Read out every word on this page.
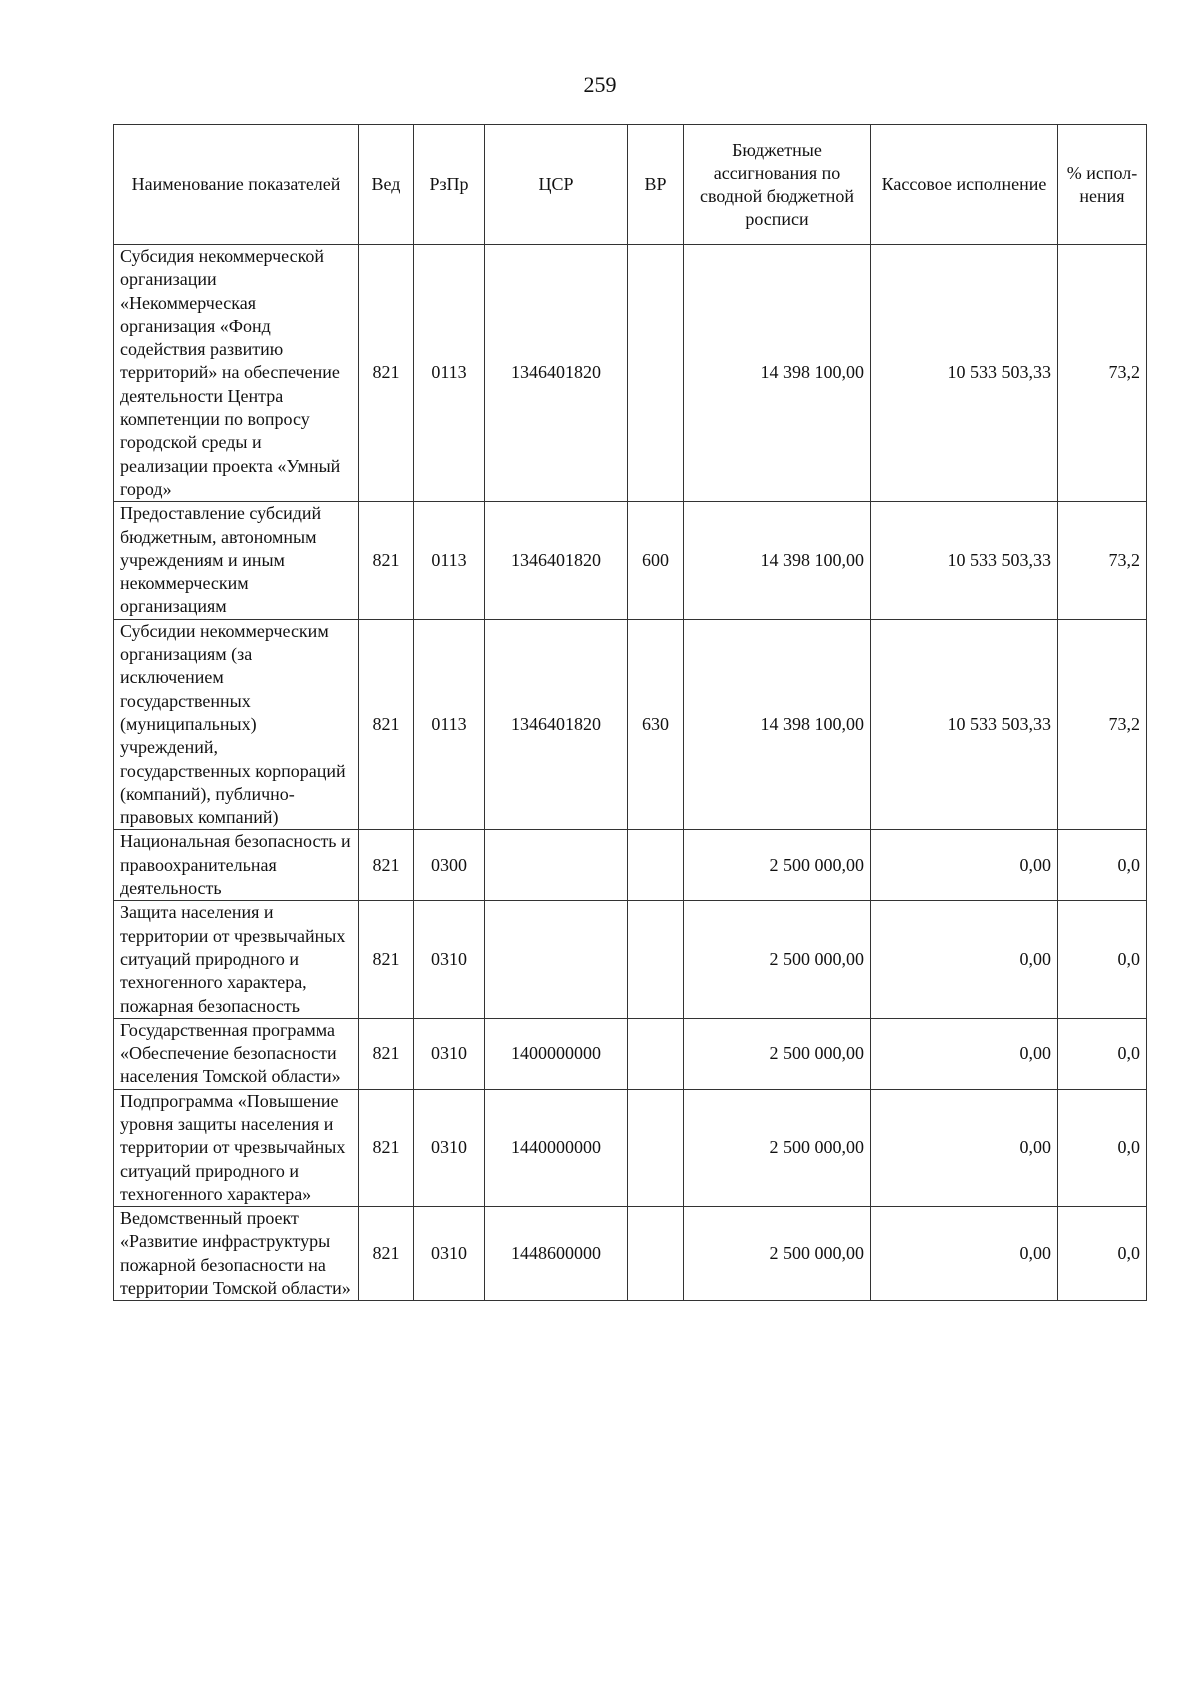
259
Наименование показателей	Вед	РзПр	ЦСР	ВР	Бюджетные ассигнования по сводной бюджетной росписи	Кассовое исполнение	% испол-нения
Субсидия некоммерческой организации «Некоммерческая организация «Фонд содействия развитию территорий» на обеспечение деятельности Центра компетенции по вопросу городской среды и реализации проекта «Умный город»	821	0113	1346401820		14 398 100,00	10 533 503,33	73,2
Предоставление субсидий бюджетным, автономным учреждениям и иным некоммерческим организациям	821	0113	1346401820	600	14 398 100,00	10 533 503,33	73,2
Субсидии некоммерческим организациям (за исключением государственных (муниципальных) учреждений, государственных корпораций (компаний), публично-правовых компаний)	821	0113	1346401820	630	14 398 100,00	10 533 503,33	73,2
Национальная безопасность и правоохранительная деятельность	821	0300			2 500 000,00	0,00	0,0
Защита населения и территории от чрезвычайных ситуаций природного и техногенного характера, пожарная безопасность	821	0310			2 500 000,00	0,00	0,0
Государственная программа «Обеспечение безопасности населения Томской области»	821	0310	1400000000		2 500 000,00	0,00	0,0
Подпрограмма «Повышение уровня защиты населения и территории от чрезвычайных ситуаций природного и техногенного характера»	821	0310	1440000000		2 500 000,00	0,00	0,0
Ведомственный проект «Развитие инфраструктуры пожарной безопасности на территории Томской области»	821	0310	1448600000		2 500 000,00	0,00	0,0
